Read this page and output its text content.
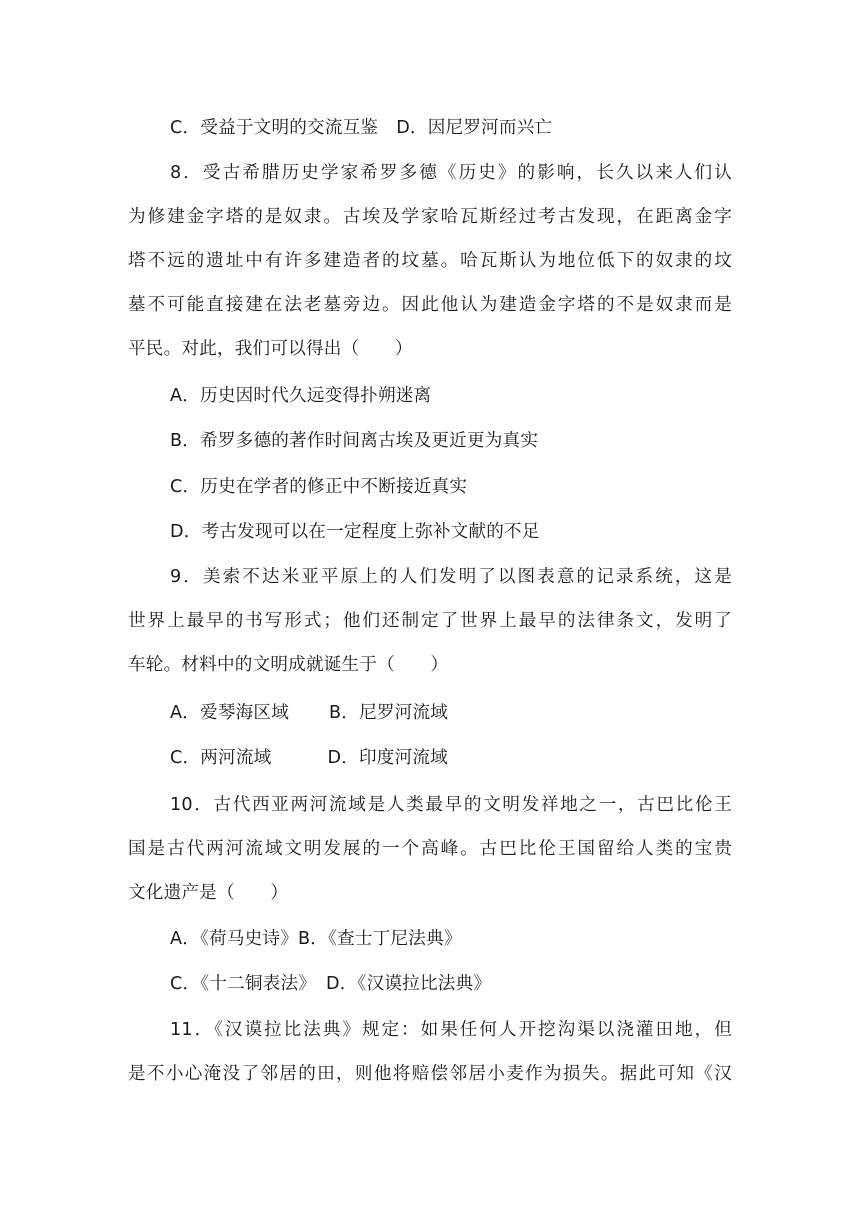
C．受益于文明的交流互鉴 D．因尼罗河而兴亡
8．受古希腊历史学家希罗多德《历史》的影响，长久以来人们认
为修建金字塔的是奴隶。古埃及学家哈瓦斯经过考古发现，在距离金字
塔不远的遗址中有许多建造者的坟墓。哈瓦斯认为地位低下的奴隶的坟
墓不可能直接建在法老墓旁边。因此他认为建造金字塔的不是奴隶而是
平民。对此，我们可以得出（　　）
A．历史因时代久远变得扑朔迷离
B．希罗多德的著作时间离古埃及更近更为真实
C．历史在学者的修正中不断接近真实
D．考古发现可以在一定程度上弥补文献的不足
9．美索不达米亚平原上的人们发明了以图表意的记录系统，这是
世界上最早的书写形式；他们还制定了世界上最早的法律条文，发明了
车轮。材料中的文明成就诞生于（　　）
A．爱琴海区域 B．尼罗河流域
C．两河流域	D．印度河流域
10．古代西亚两河流域是人类最早的文明发祥地之一，古巴比伦王
国是古代两河流域文明发展的一个高峰。古巴比伦王国留给人类的宝贵
文化遗产是（　　）
A．《荷马史诗》B．《查士丁尼法典》
C．《十二铜表法》 D．《汉谟拉比法典》
11．《汉谟拉比法典》规定：如果任何人开挖沟渠以浇灌田地，但
是不小心淹没了邻居的田，则他将赔偿邻居小麦作为损失。据此可知《汉
